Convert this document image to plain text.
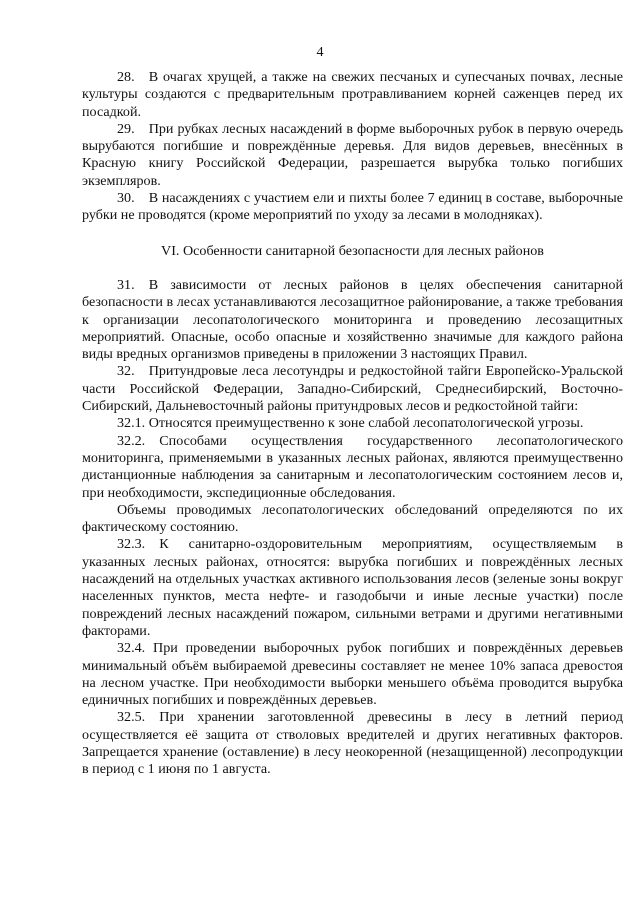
4

28. В очагах хрущей, а также на свежих песчаных и супесчаных почвах, лесные культуры создаются с предварительным протравливанием корней саженцев перед их посадкой.

29. При рубках лесных насаждений в форме выборочных рубок в первую очередь вырубаются погибшие и повреждённые деревья. Для видов деревьев, внесённых в Красную книгу Российской Федерации, разрешается вырубка только погибших экземпляров.

30. В насаждениях с участием ели и пихты более 7 единиц в составе, выборочные рубки не проводятся (кроме мероприятий по уходу за лесами в молодняках).

VI. Особенности санитарной безопасности для лесных районов

31. В зависимости от лесных районов в целях обеспечения санитарной безопасности в лесах устанавливаются лесозащитное районирование, а также требования к организации лесопатологического мониторинга и проведению лесозащитных мероприятий. Опасные, особо опасные и хозяйственно значимые для каждого района виды вредных организмов приведены в приложении 3 настоящих Правил.

32. Притундровые леса лесотундры и редкостойной тайги Европейско-Уральской части Российской Федерации, Западно-Сибирский, Среднесибирский, Восточно-Сибирский, Дальневосточный районы притундровых лесов и редкостойной тайги:

32.1. Относятся преимущественно к зоне слабой лесопатологической угрозы.

32.2. Способами осуществления государственного лесопатологического мониторинга, применяемыми в указанных лесных районах, являются преимущественно дистанционные наблюдения за санитарным и лесопатологическим состоянием лесов и, при необходимости, экспедиционные обследования.

Объемы проводимых лесопатологических обследований определяются по их фактическому состоянию.

32.3. К санитарно-оздоровительным мероприятиям, осуществляемым в указанных лесных районах, относятся: вырубка погибших и повреждённых лесных насаждений на отдельных участках активного использования лесов (зеленые зоны вокруг населенных пунктов, места нефте- и газодобычи и иные лесные участки) после повреждений лесных насаждений пожаром, сильными ветрами и другими негативными факторами.

32.4. При проведении выборочных рубок погибших и повреждённых деревьев минимальный объём выбираемой древесины составляет не менее 10% запаса древостоя на лесном участке. При необходимости выборки меньшего объёма проводится вырубка единичных погибших и повреждённых деревьев.

32.5. При хранении заготовленной древесины в лесу в летний период осуществляется её защита от стволовых вредителей и других негативных факторов. Запрещается хранение (оставление) в лесу неокоренной (незащищенной) лесопродукции в период с 1 июня по 1 августа.
